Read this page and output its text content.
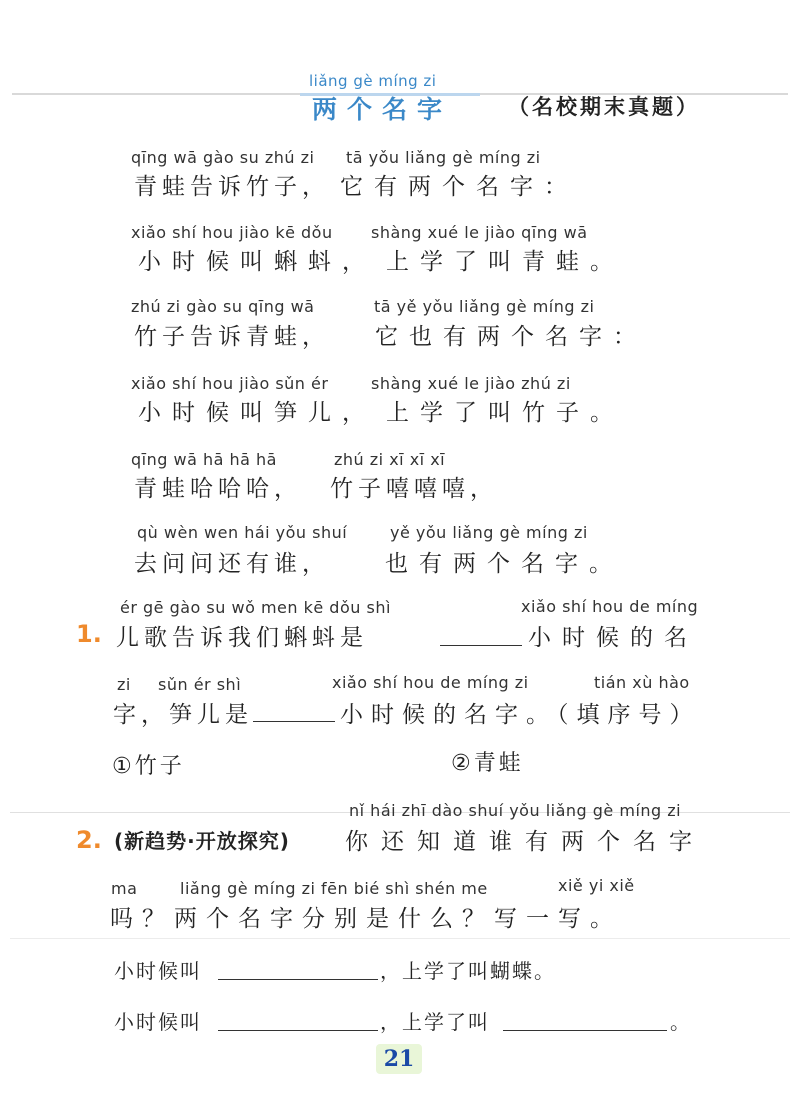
liǎng gè míng zi
两个名字	（名校期末真题）
qīng wā gào su zhú zi tā yǒu liǎng gè míng zi
青蛙告诉竹子， 它有两个名字：
xiǎo shí hou jiào kē dǒu shàng xué le jiào qīng wā
小时候叫蝌蚪， 上学了叫青蛙。
zhú zi gào su qīng wā	tā yě yǒu liǎng gè míng zi
竹子告诉青蛙， 它也有两个名字：
xiǎo shí hou jiào sǔn ér	shàng xué le jiào zhú zi
小时候叫笋儿， 上学了叫竹子。
qīng wā hā hā hā	zhú zi xī xī xī
青蛙哈哈哈， 竹子嘻嘻嘻，
qù wèn wen hái yǒu shuí	yě yǒu liǎng gè míng zi
去问问还有谁， 也有两个名字。
ér gē gào su wǒ men kē dǒu shì	xiǎo shí hou de míng
1. 儿歌告诉我们蝌蚪是	小时候的名
zi sǔn ér shì	xiǎo shí hou de míng zi	tián xù hào
字，笋儿是	小时候的名字。（填序号）
①竹子	②青蛙
nǐ hái zhī dào shuí yǒu liǎng gè míng zi
2. (新趋势·开放探究) 你还知道谁有两个名字
ma	liǎng gè míng zi fēn bié shì shén me	xiě yi xiě
吗？两个名字分别是什么？写一写。
小时候叫	，上学了叫蝴蝶。
小时候叫	，上学了叫	。
21
